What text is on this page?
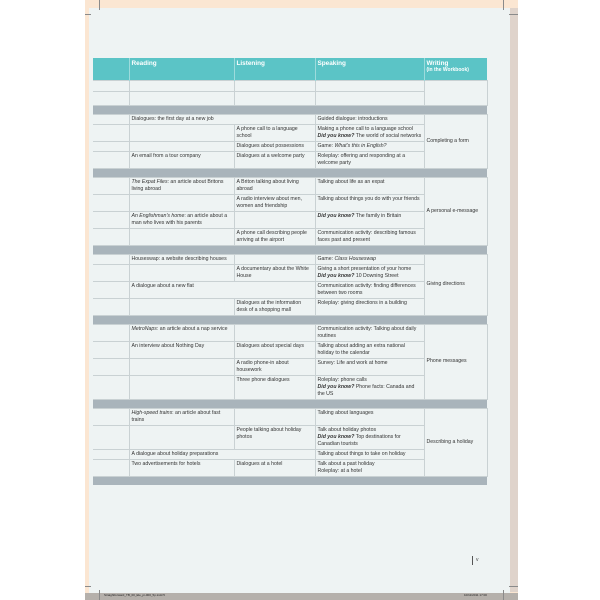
	Reading	Listening	Speaking	Writing
(in the Workbook)

	Dialogues: the first day at a new job		Guided dialogue: introductions	Completing a form
		A phone call to a language school	Making a phone call to a language school
Did you know? The world of social networks	

		Dialogues about possessions	Game: What's this in English?	

	An email from a tour company	Dialogues at a welcome party	Roleplay: offering and responding at a welcome party	

	The Expat Files: an article about Britons living abroad	A Briton talking about living abroad	Talking about life as an expat	A personal e-message
		A radio interview about men, women and friendship	Talking about things you do with your friends	

	An Englishman's home: an article about a man who lives with his parents		Did you know? The family in Britain	

		A phone call describing people arriving at the airport	Communication activity: describing famous faces past and present	

	Houseswap: a website describing houses		Game: Class Houseswap	Giving directions
		A documentary about the White House	Giving a short presentation of your home
Did you know? 10 Downing Street	

	A dialogue about a new flat		Communication activity: finding differences between two rooms	

		Dialogues at the information desk of a shopping mall	Roleplay: giving directions in a building	

	MetroNaps: an article about a nap service		Communication activity: Talking about daily routines	Phone messages
	An interview about Nothing Day	Dialogues about special days	Talking about adding an extra national holiday to the calendar	

		A radio phone-in about housework	Survey: Life and work at home	

		Three phone dialogues	Roleplay: phone calls
Did you know? Phone facts: Canada and the US	

	High-speed trains: an article about fast trains		Talking about languages	Describing a holiday
		People talking about holiday photos	Talk about holiday photos
Did you know? Top destinations for Canadian tourists	

	A dialogue about holiday preparations		Talking about things to take on holiday	

	Two advertisements for hotels	Dialogues at a hotel	Talk about a past holiday
Roleplay: at a hotel	

v
Straightforward_TB_00_Ele_pi-000_5p.indd 5	10/11/2011 17:00
